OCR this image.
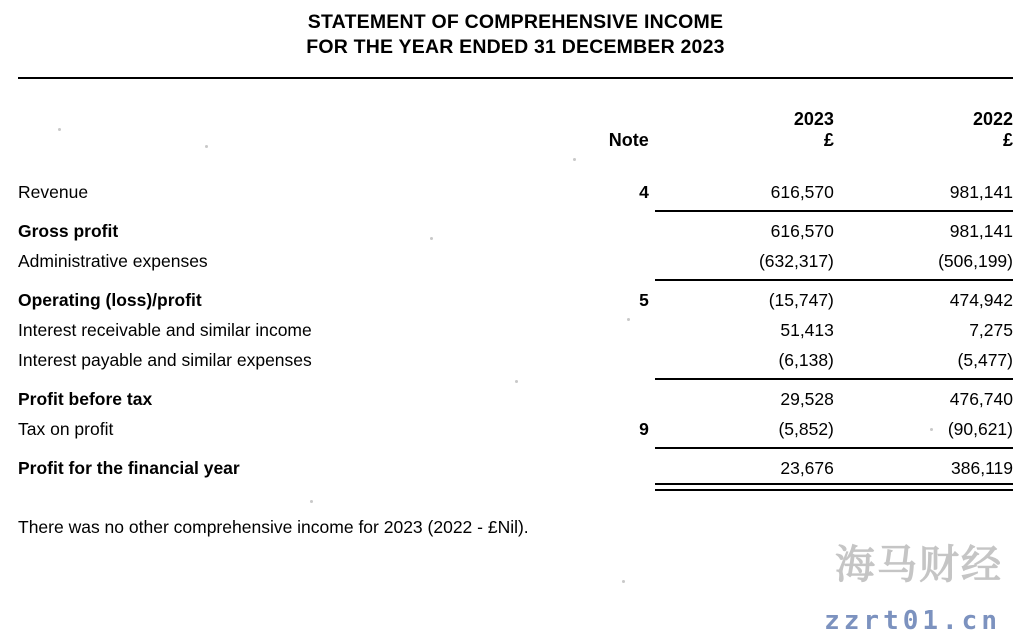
STATEMENT OF COMPREHENSIVE INCOME
FOR THE YEAR ENDED 31 DECEMBER 2023

		2023	2022
	Note	£	£

Revenue	4	616,570	981,141

Gross profit		616,570	981,141
Administrative expenses		(632,317)	(506,199)

Operating (loss)/profit	5	(15,747)	474,942
Interest receivable and similar income		51,413	7,275
Interest payable and similar expenses		(6,138)	(5,477)

Profit before tax		29,528	476,740
Tax on profit	9	(5,852)	(90,621)

Profit for the financial year		23,676	386,119

There was no other comprehensive income for 2023 (2022 - £Nil).
海马财经
zzrt01.cn
